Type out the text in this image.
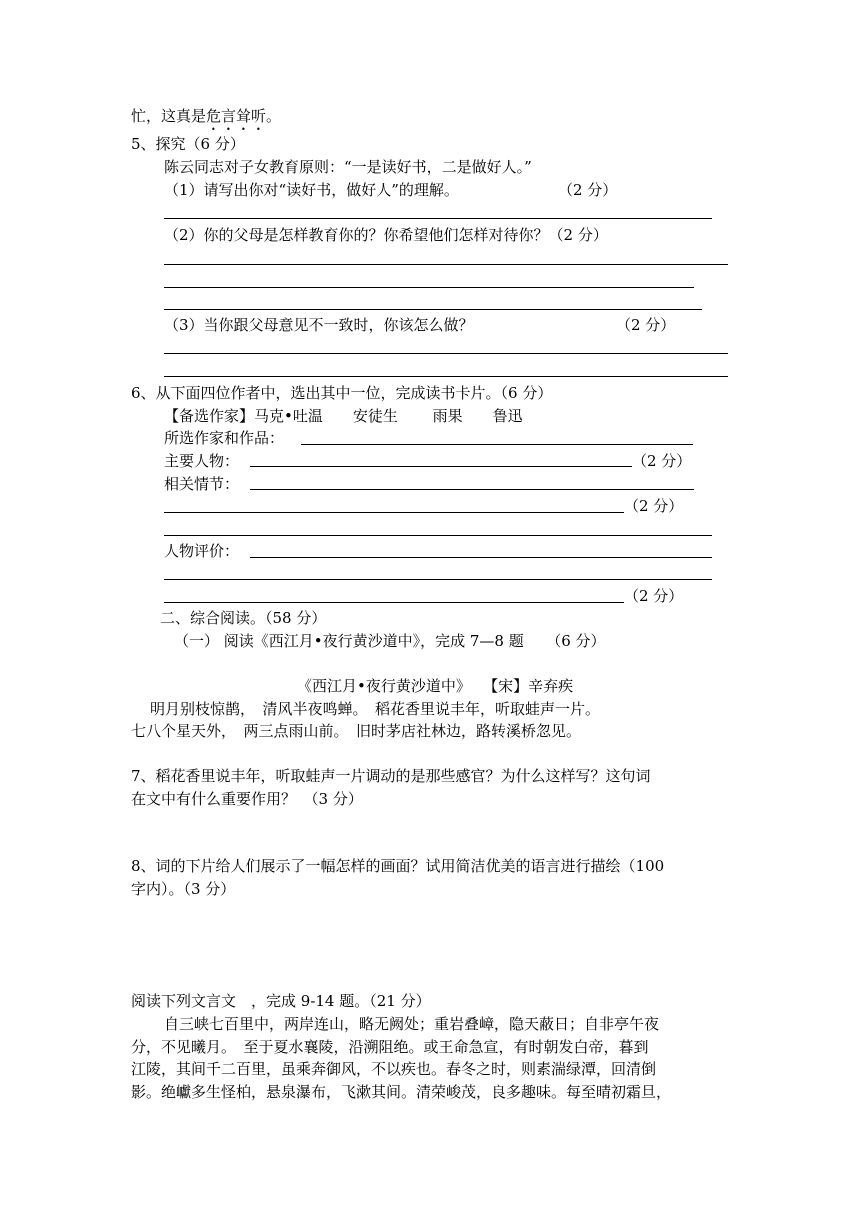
忙，这真是危言耸听。
5、探究（6 分）
陈云同志对子女教育原则：“一是读好书，二是做好人。”
（1）请写出你对“读好书，做好人”的理解。	（2 分）
（2）你的父母是怎样教育你的？你希望他们怎样对待你？（2 分）
（3）当你跟父母意见不一致时，你该怎么做？	（2 分）
6、从下面四位作者中，选出其中一位，完成读书卡片。（6 分）
【备选作家】马克•吐温　　安徒生　　 雨果　　鲁迅
所选作家和作品：
主要人物：	（2 分）
相关情节：
（2 分）
人物评价：
（2 分）
二、综合阅读。（58 分）
（一） 阅读《西江月•夜行黄沙道中》，完成 7—8 题　　（6 分）
《西江月•夜行黄沙道中》　 【宋】辛弃疾
明月别枝惊鹊，　清风半夜鸣蝉。　稻花香里说丰年，听取蛙声一片。
七八个星天外，　两三点雨山前。　旧时茅店社林边，路转溪桥忽见。
7、稻花香里说丰年，听取蛙声一片调动的是那些感官？为什么这样写？这句词
在文中有什么重要作用？　（3 分）
8、词的下片给人们展示了一幅怎样的画面？试用简洁优美的语言进行描绘（100
字内）。（3 分）
阅读下列文言文　，完成 9-14 题。（21 分）
自三峡七百里中，两岸连山，略无阙处；重岩叠嶂，隐天蔽日；自非亭午夜
分，不见曦月。　至于夏水襄陵，沿溯阻绝。或王命急宣，有时朝发白帝，暮到
江陵，其间千二百里，虽乘奔御风，不以疾也。春冬之时，则素湍绿潭，回清倒
影。绝巘多生怪柏，悬泉瀑布，飞漱其间。清荣峻茂，良多趣味。每至晴初霜旦，
